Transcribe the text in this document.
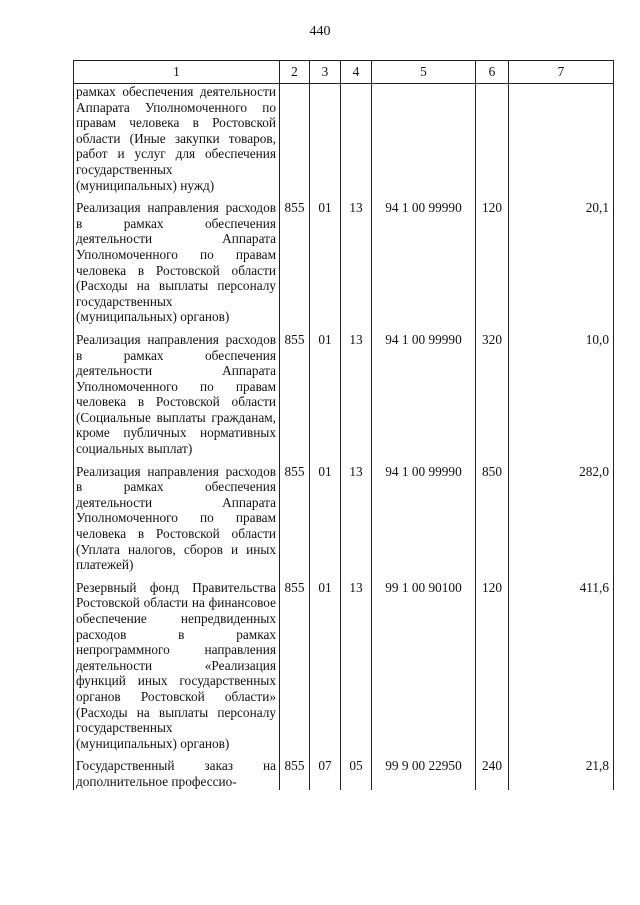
440
1	2	3	4	5	6	7
рамках обеспечения деятельности Аппарата Уполномоченного по правам человека в Ростовской области (Иные закупки товаров, работ и услуг для обеспечения государственных (муниципальных) нужд)						
Реализация направления расходов в рамках обеспечения деятельности Аппарата Уполномоченного по правам человека в Ростовской области (Расходы на выплаты персоналу государственных (муниципальных) органов)	855	01	13	94 1 00 99990	120	20,1
Реализация направления расходов в рамках обеспечения деятельности Аппарата Уполномоченного по правам человека в Ростовской области (Социальные выплаты гражданам, кроме публичных нормативных социальных выплат)	855	01	13	94 1 00 99990	320	10,0
Реализация направления расходов в рамках обеспечения деятельности Аппарата Уполномоченного по правам человека в Ростовской области (Уплата налогов, сборов и иных платежей)	855	01	13	94 1 00 99990	850	282,0
Резервный фонд Правительства Ростовской области на финансовое обеспечение непредвиденных расходов в рамках непрограммного направления деятельности «Реализация функций иных государственных органов Ростовской области» (Расходы на выплаты персоналу государственных (муниципальных) органов)	855	01	13	99 1 00 90100	120	411,6
Государственный заказ на дополнительное профессио-	855	07	05	99 9 00 22950	240	21,8
